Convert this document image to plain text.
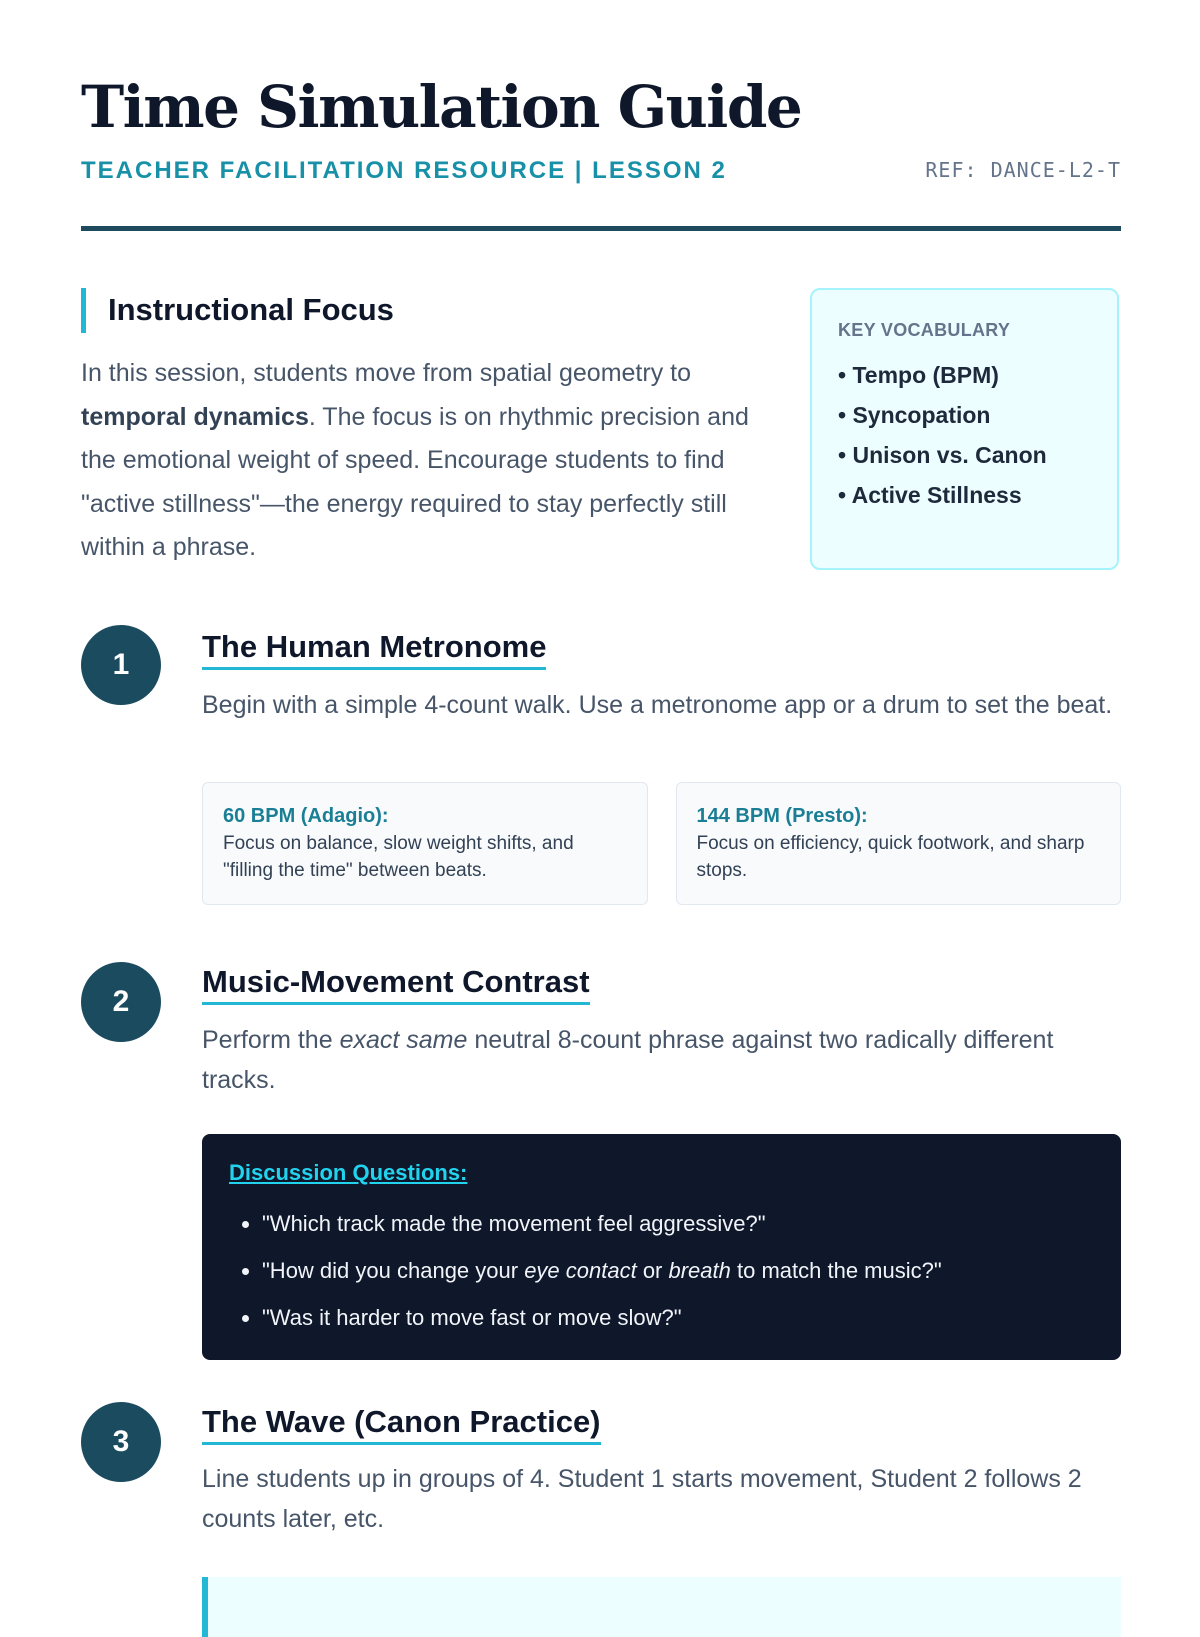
Time Simulation Guide
TEACHER FACILITATION RESOURCE | LESSON 2	REF: DANCE-L2-T
Instructional Focus

In this session, students move from spatial geometry to temporal dynamics. The focus is on rhythmic precision and the emotional weight of speed. Encourage students to find "active stillness"—the energy required to stay perfectly still within a phrase.

KEY VOCABULARY
• Tempo (BPM)
• Syncopation
• Unison vs. Canon
• Active Stillness
1
The Human Metronome

Begin with a simple 4-count walk. Use a metronome app or a drum to set the beat.

60 BPM (Adagio):
Focus on balance, slow weight shifts, and "filling the time" between beats.
144 BPM (Presto):
Focus on efficiency, quick footwork, and sharp stops.
2
Music-Movement Contrast

Perform the exact same neutral 8-count phrase against two radically different tracks.

Discussion Questions:
• "Which track made the movement feel aggressive?"
• "How did you change your eye contact or breath to match the music?"
• "Was it harder to move fast or move slow?"
3
The Wave (Canon Practice)

Line students up in groups of 4. Student 1 starts movement, Student 2 follows 2 counts later, etc.
